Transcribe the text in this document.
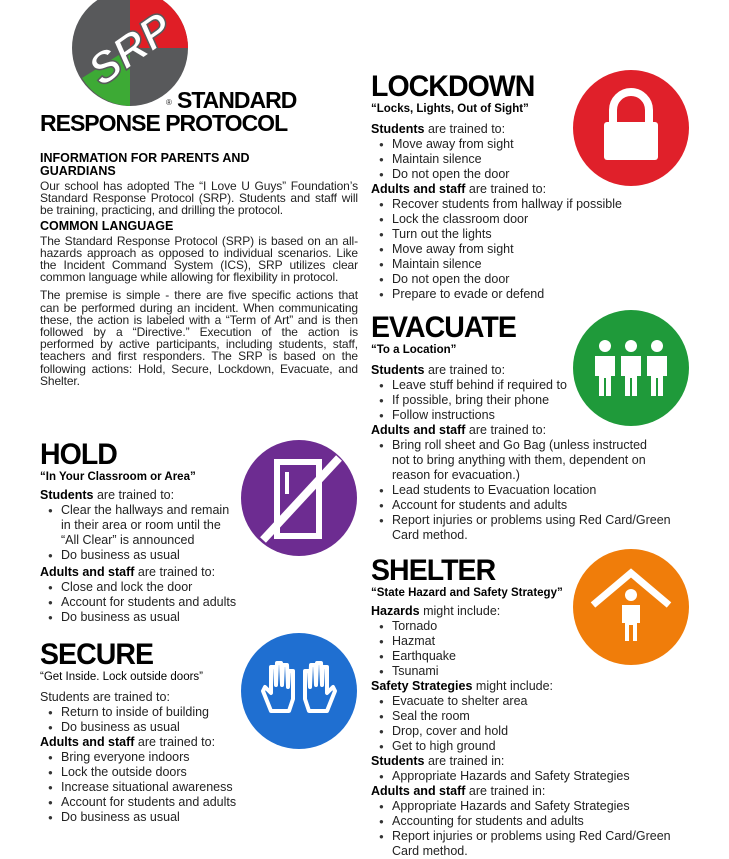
SRP
® STANDARD
RESPONSE PROTOCOL
INFORMATION FOR PARENTS AND GUARDIANS
Our school has adopted The “I Love U Guys” Foundation’s Standard Response Protocol (SRP). Students and staff will be training, practicing, and drilling the protocol.
COMMON LANGUAGE
The Standard Response Protocol (SRP) is based on an all-hazards approach as opposed to individual scenarios. Like the Incident Command System (ICS), SRP utilizes clear common language while allowing for flexibility in protocol.
The premise is simple - there are five specific actions that can be performed during an incident. When communicating these, the action is labeled with a “Term of Art” and is then followed by a “Directive.” Execution of the action is performed by active participants, including students, staff, teachers and first responders. The SRP is based on the following actions: Hold, Secure, Lockdown, Evacuate, and Shelter.
HOLD
“In Your Classroom or Area”
Students are trained to:
● Clear the hallways and remain
in their area or room until the
“All Clear” is announced
● Do business as usual
Adults and staff are trained to:
● Close and lock the door
● Account for students and adults
● Do business as usual
SECURE
“Get Inside. Lock outside doors”
Students are trained to:
● Return to inside of building
● Do business as usual
Adults and staff are trained to:
● Bring everyone indoors
● Lock the outside doors
● Increase situational awareness
● Account for students and adults
● Do business as usual
LOCKDOWN
“Locks, Lights, Out of Sight”
Students are trained to:
● Move away from sight
● Maintain silence
● Do not open the door
Adults and staff are trained to:
● Recover students from hallway if possible
● Lock the classroom door
● Turn out the lights
● Move away from sight
● Maintain silence
● Do not open the door
● Prepare to evade or defend
EVACUATE
“To a Location”
Students are trained to:
● Leave stuff behind if required to
● If possible, bring their phone
● Follow instructions
Adults and staff are trained to:
● Bring roll sheet and Go Bag (unless instructed not to bring anything with them, dependent on reason for evacuation.)
● Lead students to Evacuation location
● Account for students and adults
● Report injuries or problems using Red Card/Green Card method.
SHELTER
“State Hazard and Safety Strategy”
Hazards might include:
● Tornado
● Hazmat
● Earthquake
● Tsunami
Safety Strategies might include:
● Evacuate to shelter area
● Seal the room
● Drop, cover and hold
● Get to high ground
Students are trained in:
● Appropriate Hazards and Safety Strategies
Adults and staff are trained in:
● Appropriate Hazards and Safety Strategies
● Accounting for students and adults
● Report injuries or problems using Red Card/Green Card method.
